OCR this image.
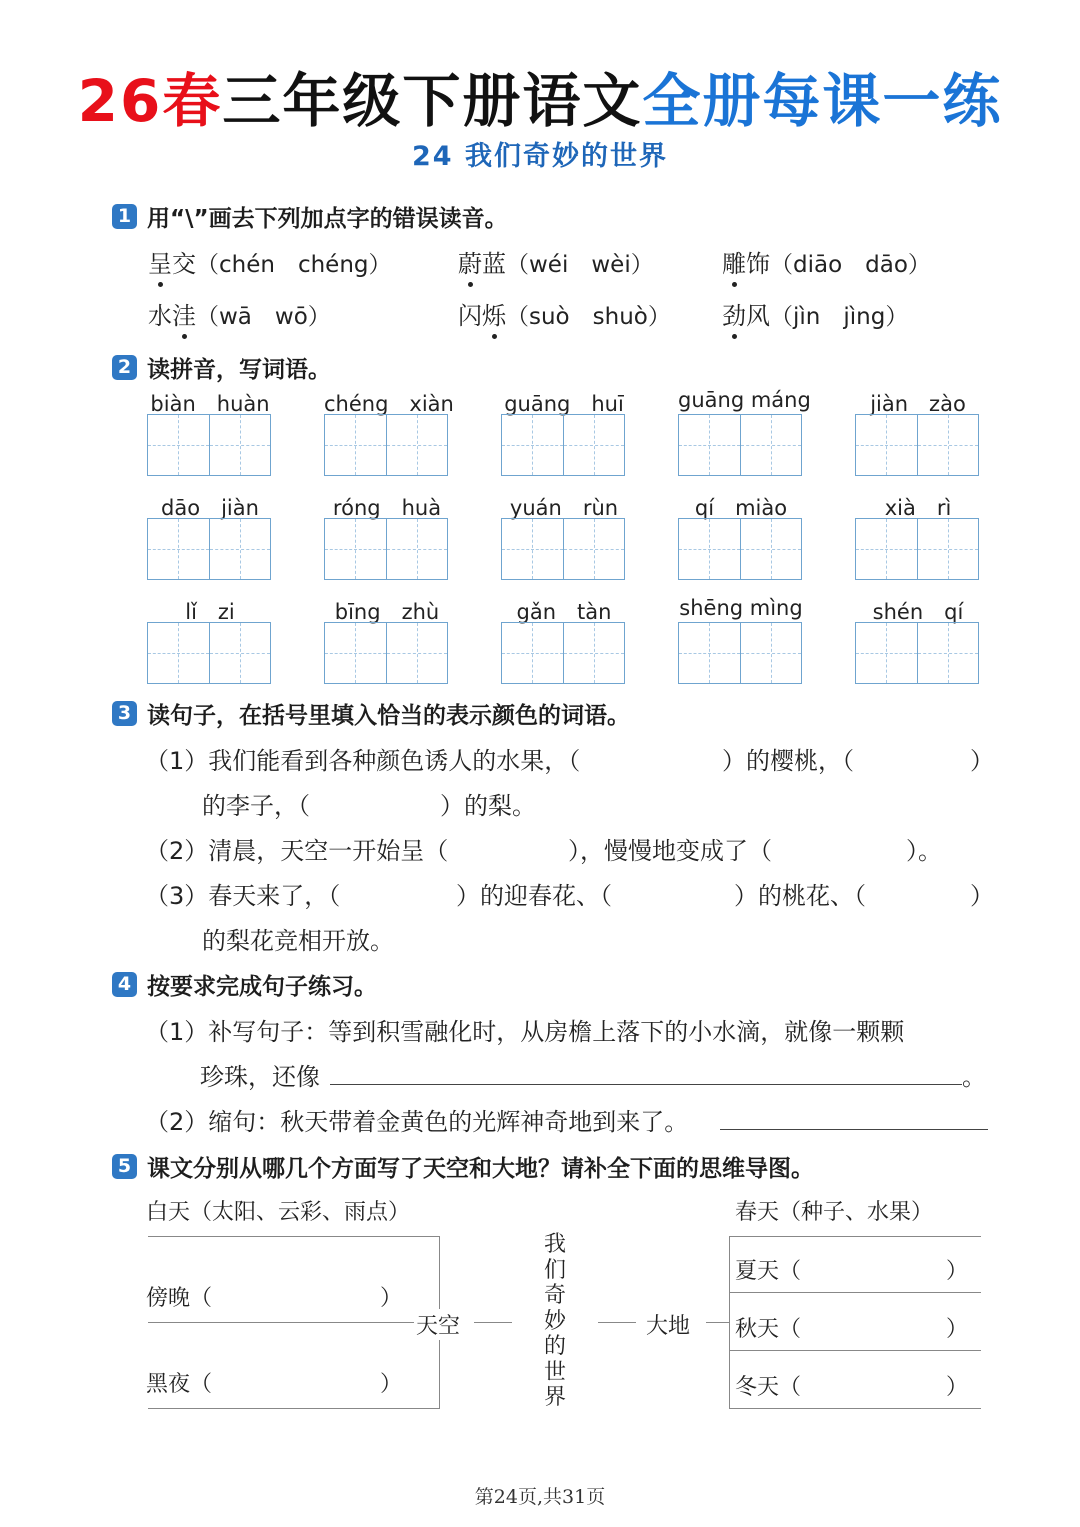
26春三年级下册语文全册每课一练
24 我们奇妙的世界
1 用“\”画去下列加点字的错误读音。
呈交（chén　chéng）	蔚蓝（wéi　wèi）	雕饰（diāo　dāo）
水洼（wā　wō）	闪烁（suò　shuò） 劲风（jìn　jìng）
2 读拼音，写词语。
biàn　huàn	chéng　xiàn guāng　huī	guāng máng	jiàn　zào
dāo　jiàn	róng　huà	yuán　rùn	qí　miào	xià　rì
lǐ　zi	bīng　zhù	gǎn　tàn	shēng mìng	shén　qí
3 读句子，在括号里填入恰当的表示颜色的词语。
（1）我们能看到各种颜色诱人的水果，（	）的樱桃，（	）
的李子，（	）的梨。
（2）清晨，天空一开始呈（	），慢慢地变成了（	）。
（3）春天来了，（	）的迎春花、（	）的桃花、（	）
的梨花竞相开放。
4 按要求完成句子练习。
（1）补写句子：等到积雪融化时，从房檐上落下的小水滴，就像一颗颗
珍珠，还像	。
（2）缩句：秋天带着金黄色的光辉神奇地到来了。
5 课文分别从哪几个方面写了天空和大地？请补全下面的思维导图。
白天（太阳、云彩、雨点）
傍晚（	）
黑夜（	）
天空
我
们
奇
妙
的
世
界
大地
春天（种子、水果）
夏天（	）
秋天（	）
冬天（	）
第24页,共31页
